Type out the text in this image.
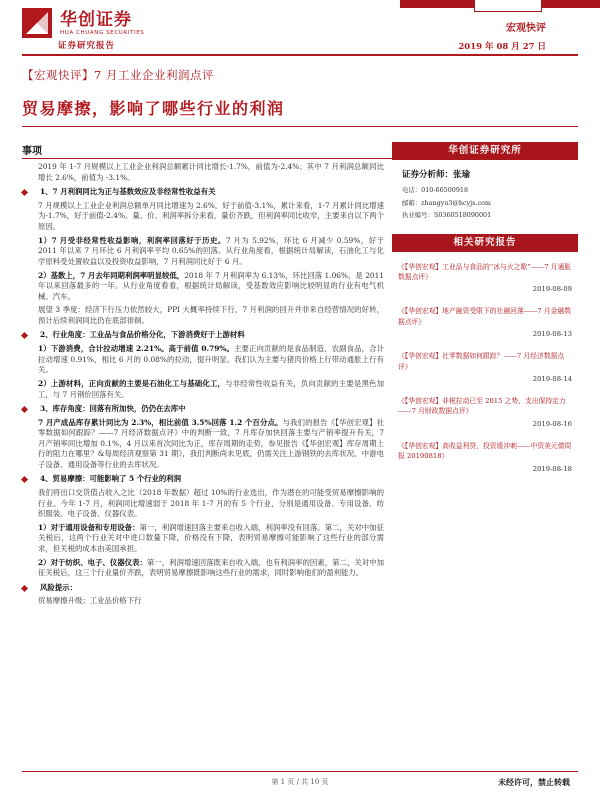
华创证券
HUA CHUANG SECURITIES	宏观快评
证券研究报告	2019 年 08 月 27 日
【宏观快评】7 月工业企业利润点评
贸易摩擦，影响了哪些行业的利润
事项

2019 年 1-7 月规模以上工业企业利润总额累计同比增长-1.7%，前值为-2.4%；其中 7 月利润总额同比增长 2.6%，前值为 -3.1%。

1、7 月利润同比为正与基数效应及非经常性收益有关

7 月规模以上工业企业利润总额单月同比增速为 2.6%，好于前值-3.1%，累计来看，1-7 月累计同比增速为-1.7%，好于前值-2.4%。量、价、利润率拆分来看，量价齐跌，但利润率同比收窄，主要来自以下两个原因。

1）7 月受非经常性收益影响，利润率回落好于历史。7 月为 5.92%，环比 6 月减少 0.59%，好于 2011 年以来 7 月环比 6 月利润率平均 0.65%的回落。从行业角度看，根据统计局解读，石油化工与化学原料受处置收益以及投资收益影响，7 月利润同比好于 6 月。

2）基数上，7 月去年同期利润率明显较低，2018 年 7 月利润率为 6.13%，环比回落 1.06%，是 2011 年以来回落最多的一年。从行业角度看看，根据统计局解读，受基数效应影响比较明显的行业有电气机械、汽车。

展望 3 季度：经济下行压力依然较大，PPI 大概率持续下行，7 月利润的回升并非来自经营情况的好转，预计后续利润同比仍在底部徘徊。

2、行业角度：工业品与食品价格分化，下游消费好于上游材料

1）下游消费，合计拉动增速 2.21%。高于前值 0.79%。主要正向贡献的是食品制造、农副食品，合计拉动增速 0.91%，相比 6 月的 0.08%的拉动，提升明显。我们认为主要与猪肉价格上行带动通胀上行有关。

2）上游材料，正向贡献的主要是石油化工与基础化工，与非经常性收益有关，负向贡献的主要是黑色加工，与 7 月钢价回落有关。

3、库存角度：回落有所加快，仍仍在去库中

7 月产成品库存累计同比为 2.3%，相比前值 3.5%回落 1.2 个百分点。与我们的报告《【华创宏观】社零数据如何跟踪？——7 月经济数据点评》中的判断一致，7 月库存加快回落主要与产销率提升有关，7 月产销率同比增加 0.1%，4 月以来首次同比为正，库存周期的走势，参见报告《【华创宏观】库存周期上行的阻力在哪里？&每周经济观察第 31 期》，我们判断尚未见底，仍需关注上游钢铁的去库状况、中游电子设备、通用设备等行业的去库状况。

4、贸易摩擦：可能影响了 5 个行业的利润

我们将出口交货值占收入之比（2018 年数据）超过 10%的行业选出，作为潜在的可能受贸易摩擦影响的行业。今年 1-7 月，利润同比增速弱于 2018 年 1-7 月的有 5 个行业，分别是通用设备、专用设备、纺织服装、电子设备、仪器仪表。

1）对于通用设备和专用设备：第一，利润增速回落主要来自收入端，利润率没有回落。第二，关对中加征关税后，这两个行业关对中进口数量下降，价格没有下降，表明贸易摩擦可能影响了这些行业的部分需求，但关税的成本由美国承担。

2）对于纺织、电子、仪器仪表：第一，利润增速回落既来自收入端，也有利润率的因素，第二，关对中加征关税后，这三个行业量价齐跌，表明贸易摩擦既影响这些行业的需求，同时影响他们的盈利能力。

风险提示：

贸易摩擦升级；工业品价格下行

华创证券研究所
证券分析师：张瑜
电话：010-66500918
邮箱：zhangyu3@hcyjs.com
执业编号：S0360518090001
相关研究报告
《【华创宏观】工业品与食品的“冰与火之歌”——7 月通胀数据点评》
2019-08-09
《【华创宏观】地产融资受限下的社融回落——7 月金融数据点评》
2019-08-13
《【华创宏观】社零数据如何跟踪？——7 月经济数据点评》
2019-08-14
《【华创宏观】非税拉动已至 2015 之势，支出保持定力——7 月财政数据点评》
2019-08-16
《【华创宏观】高收益利贷，投资缓冲刺——中资美元债周报 20190818》
2019-08-18
第 1 页 / 共 10 页	未经许可，禁止转载
